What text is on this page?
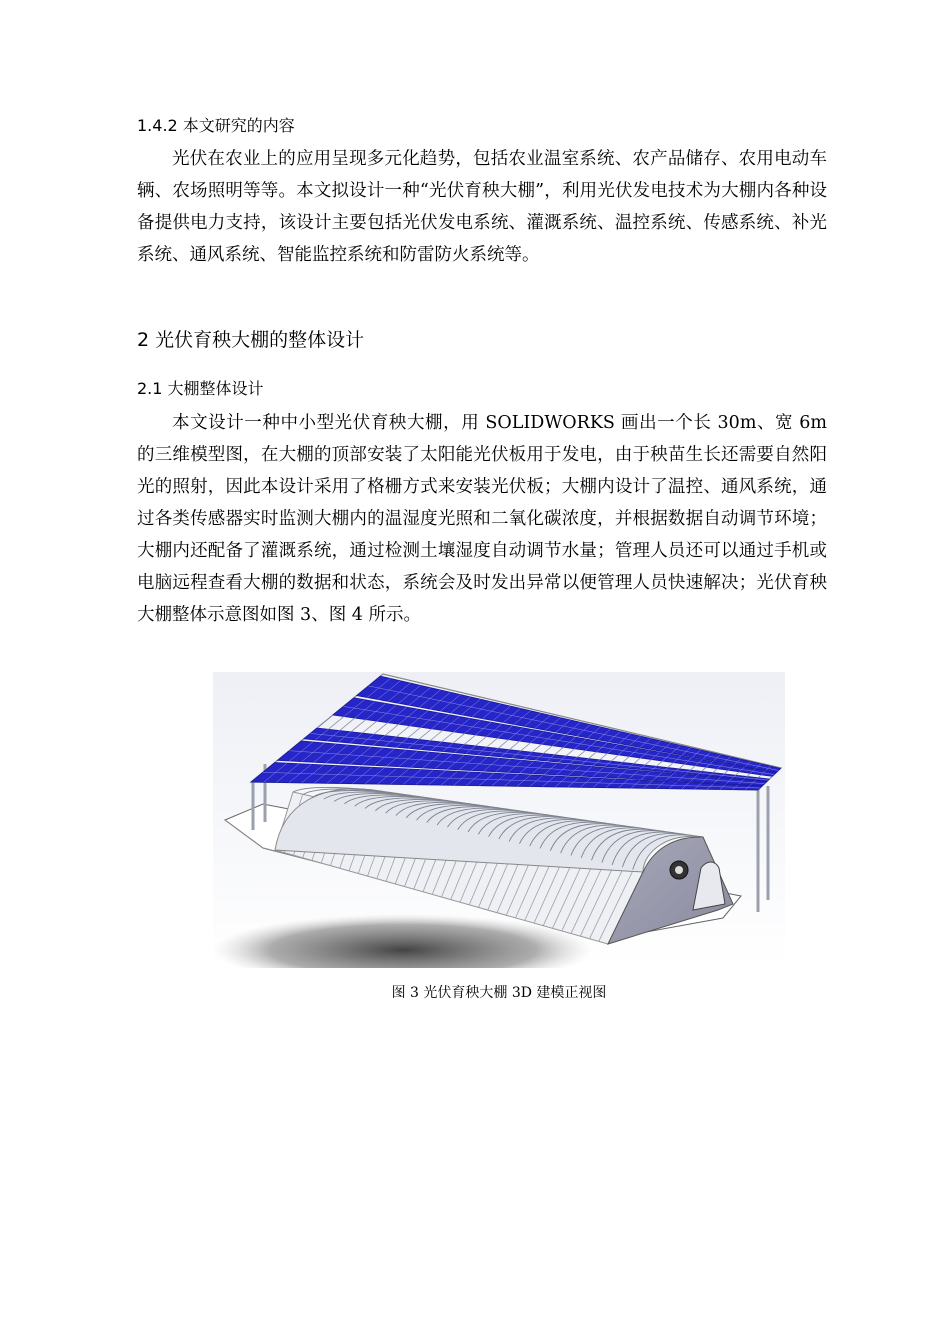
1.4.2 本文研究的内容

光伏在农业上的应用呈现多元化趋势，包括农业温室系统、农产品储存、农用电动车辆、农场照明等等。本文拟设计一种“光伏育秧大棚”，利用光伏发电技术为大棚内各种设备提供电力支持，该设计主要包括光伏发电系统、灌溉系统、温控系统、传感系统、补光系统、通风系统、智能监控系统和防雷防火系统等。

2 光伏育秧大棚的整体设计
2.1 大棚整体设计

本文设计一种中小型光伏育秧大棚，用 SOLIDWORKS 画出一个长 30m、宽 6m 的三维模型图，在大棚的顶部安装了太阳能光伏板用于发电，由于秧苗生长还需要自然阳光的照射，因此本设计采用了格栅方式来安装光伏板；大棚内设计了温控、通风系统，通过各类传感器实时监测大棚内的温湿度光照和二氧化碳浓度，并根据数据自动调节环境；大棚内还配备了灌溉系统，通过检测土壤湿度自动调节水量；管理人员还可以通过手机或电脑远程查看大棚的数据和状态，系统会及时发出异常以便管理人员快速解决；光伏育秧大棚整体示意图如图 3、图 4 所示。

图 3 光伏育秧大棚 3D 建模正视图
